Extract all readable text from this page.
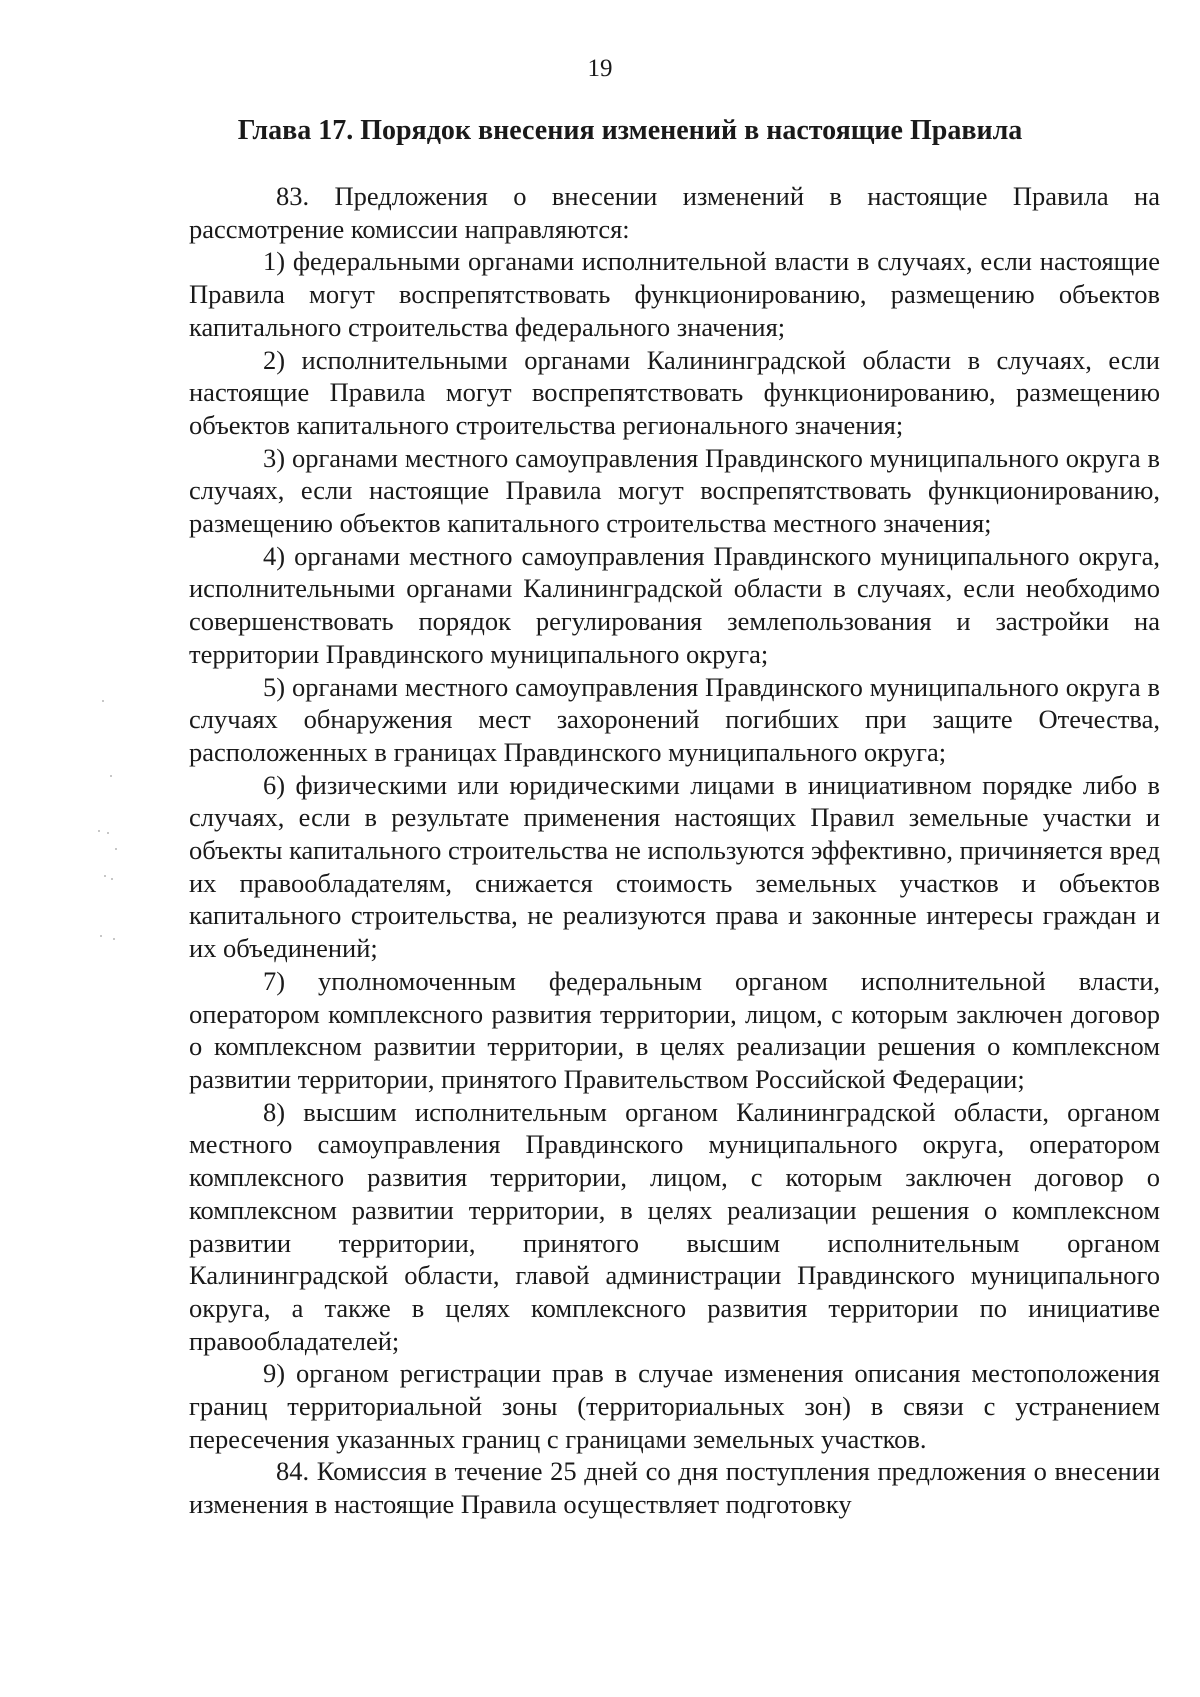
19
Глава 17. Порядок внесения изменений в настоящие Правила

83. Предложения о внесении изменений в настоящие Правила на рассмотрение комиссии направляются:

1) федеральными органами исполнительной власти в случаях, если настоящие Правила могут воспрепятствовать функционированию, размещению объектов капитального строительства федерального значения;

2) исполнительными органами Калининградской области в случаях, если настоящие Правила могут воспрепятствовать функционированию, размещению объектов капитального строительства регионального значения;

3) органами местного самоуправления Правдинского муниципального округа в случаях, если настоящие Правила могут воспрепятствовать функционированию, размещению объектов капитального строительства местного значения;

4) органами местного самоуправления Правдинского муниципального округа, исполнительными органами Калининградской области в случаях, если необходимо совершенствовать порядок регулирования землепользования и застройки на территории Правдинского муниципального округа;

5) органами местного самоуправления Правдинского муниципального округа в случаях обнаружения мест захоронений погибших при защите Отечества, расположенных в границах Правдинского муниципального округа;

6) физическими или юридическими лицами в инициативном порядке либо в случаях, если в результате применения настоящих Правил земельные участки и объекты капитального строительства не используются эффективно, причиняется вред их правообладателям, снижается стоимость земельных участков и объектов капитального строительства, не реализуются права и законные интересы граждан и их объединений;

7) уполномоченным федеральным органом исполнительной власти, оператором комплексного развития территории, лицом, с которым заключен договор о комплексном развитии территории, в целях реализации решения о комплексном развитии территории, принятого Правительством Российской Федерации;

8) высшим исполнительным органом Калининградской области, органом местного самоуправления Правдинского муниципального округа, оператором комплексного развития территории, лицом, с которым заключен договор о комплексном развитии территории, в целях реализации решения о комплексном развитии территории, принятого высшим исполнительным органом Калининградской области, главой администрации Правдинского муниципального округа, а также в целях комплексного развития территории по инициативе правообладателей;

9) органом регистрации прав в случае изменения описания местоположения границ территориальной зоны (территориальных зон) в связи с устранением пересечения указанных границ с границами земельных участков.

84. Комиссия в течение 25 дней со дня поступления предложения о внесении изменения в настоящие Правила осуществляет подготовку
